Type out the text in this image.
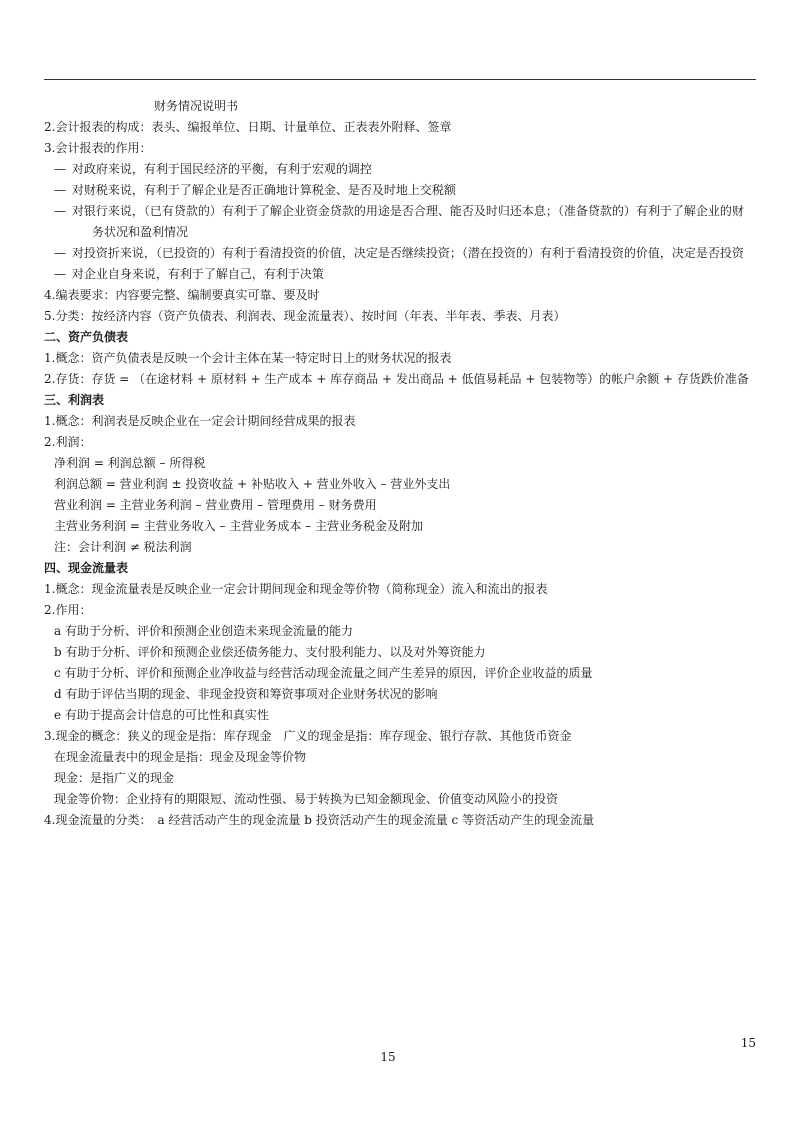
财务情况说明书
2.会计报表的构成：表头、编报单位、日期、计量单位、正表表外附释、签章
3.会计报表的作用：
— 对政府来说，有利于国民经济的平衡，有利于宏观的调控
— 对财税来说，有利于了解企业是否正确地计算税金、是否及时地上交税额
— 对银行来说，（已有贷款的）有利于了解企业资金贷款的用途是否合理、能否及时归还本息；（准备贷款的）有利于了解企业的财
务状况和盈利情况
— 对投资折来说，（已投资的）有利于看清投资的价值，决定是否继续投资；（潜在投资的）有利于看清投资的价值，决定是否投资
— 对企业自身来说，有利于了解自己，有利于决策
4.编表要求：内容要完整、编制要真实可靠、要及时
5.分类：按经济内容（资产负债表、利润表、现金流量表）、按时间（年表、半年表、季表、月表）
二、资产负债表
1.概念：资产负债表是反映一个会计主体在某一特定时日上的财务状况的报表
2.存货：存货 = （在途材料 + 原材料 + 生产成本 + 库存商品 + 发出商品 + 低值易耗品 + 包装物等）的帐户余额 + 存货跌价准备
三、利润表
1.概念：利润表是反映企业在一定会计期间经营成果的报表
2.利润：
净利润 = 利润总额 – 所得税
利润总额 = 营业利润 ± 投资收益 + 补贴收入 + 营业外收入 – 营业外支出
营业利润 = 主营业务利润 – 营业费用 – 管理费用 – 财务费用
主营业务利润 = 主营业务收入 – 主营业务成本 – 主营业务税金及附加
注：会计利润 ≠ 税法利润
四、现金流量表
1.概念：现金流量表是反映企业一定会计期间现金和现金等价物（简称现金）流入和流出的报表
2.作用：
a 有助于分析、评价和预测企业创造未来现金流量的能力
b 有助于分析、评价和预测企业偿还债务能力、支付股利能力、以及对外筹资能力
c 有助于分析、评价和预测企业净收益与经营活动现金流量之间产生差异的原因，评价企业收益的质量
d 有助于评估当期的现金、非现金投资和筹资事项对企业财务状况的影响
e 有助于提高会计信息的可比性和真实性
3.现金的概念：狭义的现金是指：库存现金　广义的现金是指：库存现金、银行存款、其他货币资金
在现金流量表中的现金是指：现金及现金等价物
现金：是指广义的现金
现金等价物：企业持有的期限短、流动性强、易于转换为已知金额现金、价值变动风险小的投资
4.现金流量的分类：　a 经营活动产生的现金流量 b 投资活动产生的现金流量 c 等资活动产生的现金流量
15
15
